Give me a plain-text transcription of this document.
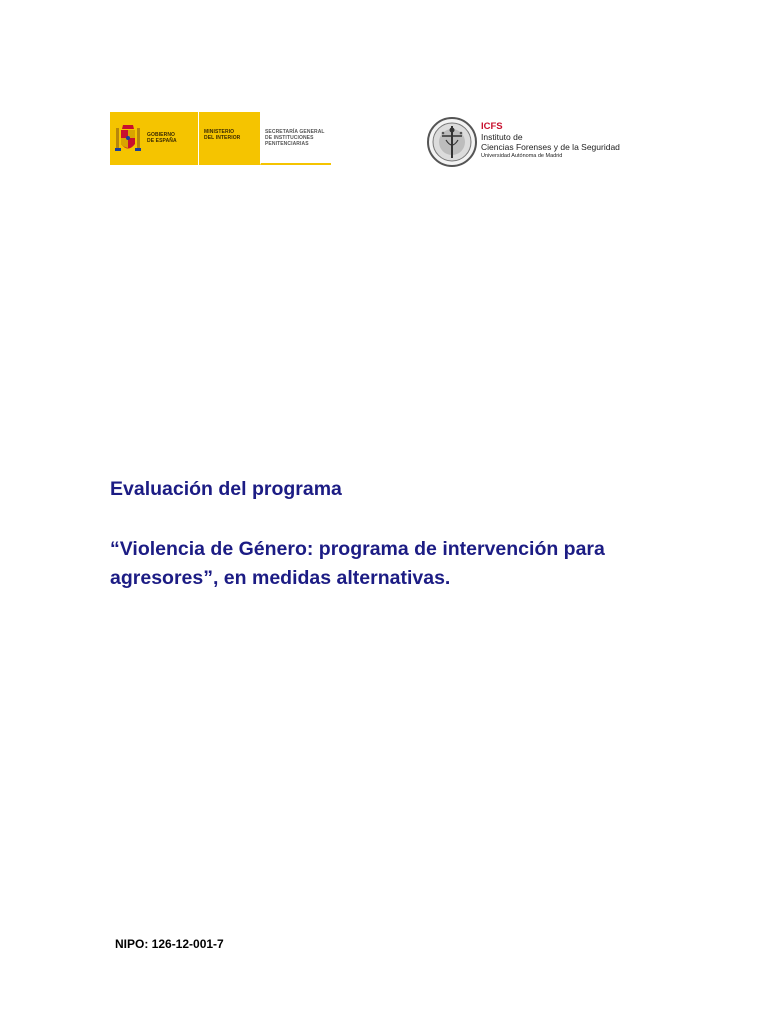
GOBIERNO
DE ESPAÑA
MINISTERIO
DEL INTERIOR
SECRETARÍA GENERAL
DE INSTITUCIONES
PENITENCIARIAS
ICFS
Instituto de
Ciencias Forenses y de la Seguridad
Universidad Autónoma de Madrid
Evaluación del programa
“Violencia de Género: programa de intervención para
agresores”, en medidas alternativas.
NIPO: 126-12-001-7
